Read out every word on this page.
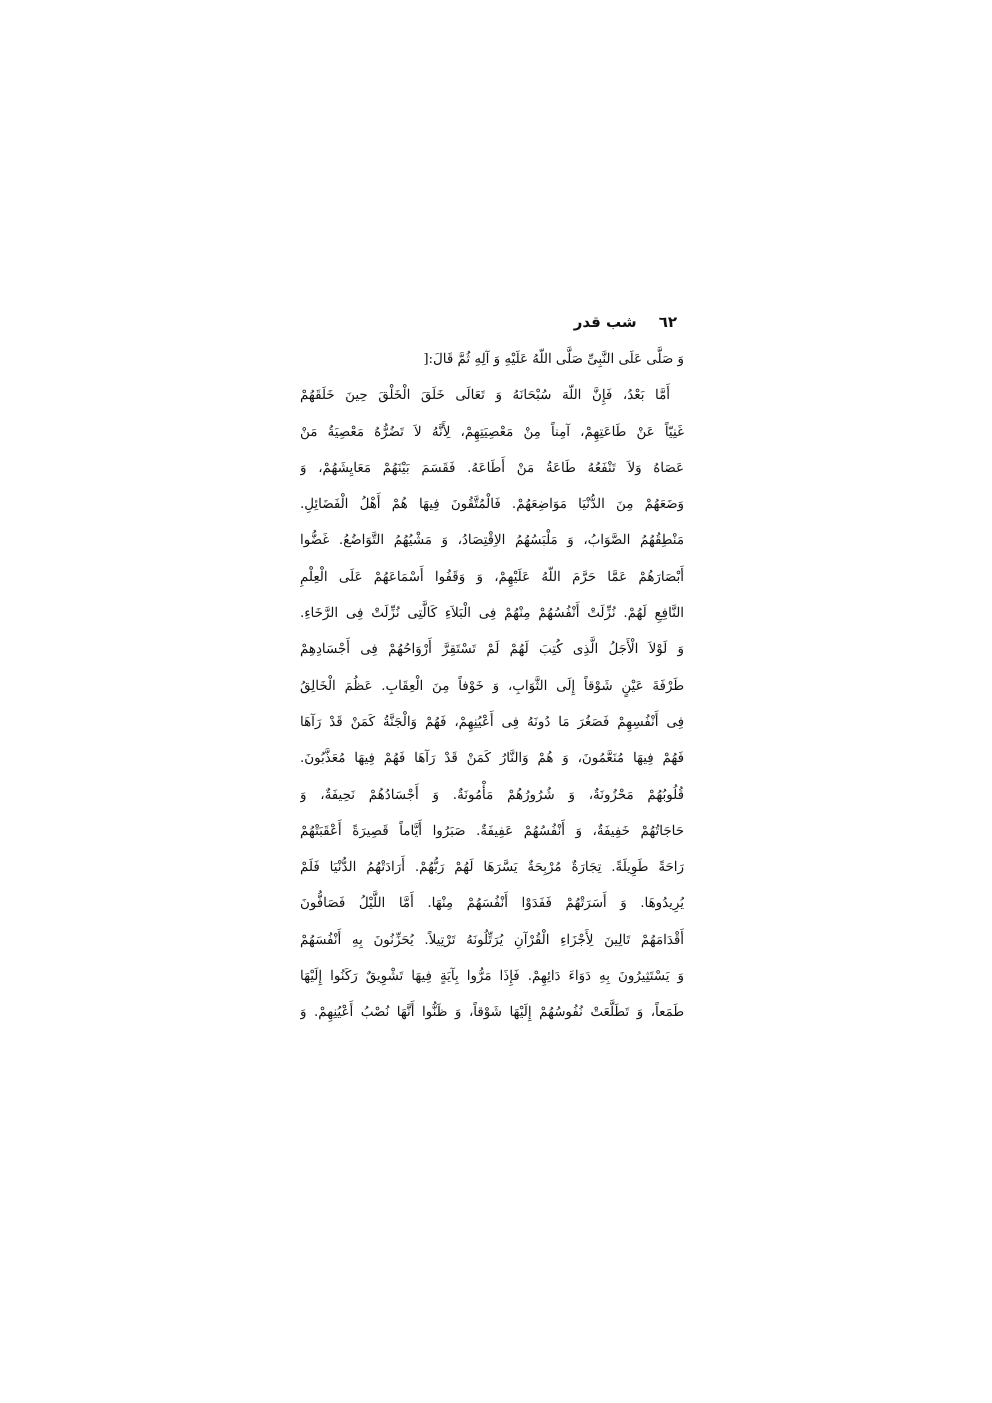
٦٢
شب قدر
وَ صَلَّی عَلَی النَّبِیِّ صَلَّی اللّهُ عَلَیْهِ وَ آلِهِ ثُمَّ قَالَ:[
أَمَّا بَعْدُ، فَإِنَّ اللّهَ سُبْحَانَهُ وَ تَعَالَی خَلَقَ الْخَلْقَ حِینَ خَلَقَهُمْ
غَنِیّاً عَنْ طَاعَتِهِمْ، آمِناً مِنْ مَعْصِیَتِهِمْ، لِأَنَّهُ لاَ تَضُرُّهُ مَعْصِیَةُ مَنْ
عَصَاهُ وَلاَ تَنْفَعُهُ طَاعَةُ مَنْ أَطَاعَهُ. فَقَسَمَ بَیْنَهُمْ مَعَایِشَهُمْ، وَ
وَضَعَهُمْ مِنَ الدُّنْیَا مَوَاضِعَهُمْ. فَالْمُتَّقُونَ فِیهَا هُمْ أَهْلُ الْفَضَائِلِ.
مَنْطِقُهُمُ الصَّوَابُ، وَ مَلْبَسُهُمُ الاِقْتِصَادُ، وَ مَشْیُهُمُ التَّوَاضُعُ. غَضُّوا
أَبْصَارَهُمْ عَمَّا حَرَّمَ اللّهُ عَلَیْهِمْ، وَ وَقَفُوا أَسْمَاعَهُمْ عَلَی الْعِلْمِ
النَّافِعِ لَهُمْ. نُزِّلَتْ أَنْفُسُهُمْ مِنْهُمْ فِی الْبَلاَءِ کَالَّتِی نُزِّلَتْ فِی الرَّخَاءِ.
وَ لَوْلاَ الْأَجَلُ الَّذِی کُتِبَ لَهُمْ لَمْ تَسْتَقِرَّ أَرْوَاحُهُمْ فِی أَجْسَادِهِمْ
طَرْفَةَ عَیْنٍ شَوْقاً إِلَی الثَّوَابِ، وَ خَوْفاً مِنَ الْعِقَابِ. عَظُمَ الْخَالِقُ
فِی أَنْفُسِهِمْ فَصَغُرَ مَا دُونَهُ فِی أَعْیُنِهِمْ، فَهُمْ وَالْجَنَّةُ کَمَنْ قَدْ رَآهَا
فَهُمْ فِیهَا مُنَعَّمُونَ، وَ هُمْ وَالنَّارُ کَمَنْ قَدْ رَآهَا فَهُمْ فِیهَا مُعَذَّبُونَ.
قُلُوبُهُمْ مَحْزُونَةٌ، وَ شُرُورُهُمْ مَأْمُونَةٌ. وَ أَجْسَادُهُمْ نَحِیفَةٌ، وَ
حَاجَاتُهُمْ خَفِیفَةٌ، وَ أَنْفُسُهُمْ عَفِیفَةٌ. صَبَرُوا أَیَّاماً قَصِیرَةً أَعْقَبَتْهُمْ
رَاحَةً طَوِیلَةً. تِجَارَةٌ مُرْبِحَةٌ یَسَّرَهَا لَهُمْ رَبُّهُمْ. أَرَادَتْهُمُ الدُّنْیَا فَلَمْ
یُرِیدُوهَا. وَ أَسَرَتْهُمْ فَفَدَوْا أَنْفُسَهُمْ مِنْهَا. أَمَّا اللَّیْلُ فَصَافُّونَ
أَقْدَامَهُمْ تَالِینَ لِأَجْزَاءِ الْقُرْآنِ یُرَتِّلُونَهُ تَرْتِیلاً. یُحَزِّنُونَ بِهِ أَنْفُسَهُمْ
وَ یَسْتَثِیرُونَ بِهِ دَوَاءَ دَائِهِمْ. فَإِذَا مَرُّوا بِآیَةٍ فِیهَا تَشْوِیقٌ رَکَنُوا إِلَیْهَا
طَمَعاً، وَ تَطَلَّعَتْ نُفُوسُهُمْ إِلَیْهَا شَوْقاً، وَ ظَنُّوا أَنَّهَا نُصْبُ أَعْیُنِهِمْ. وَ
